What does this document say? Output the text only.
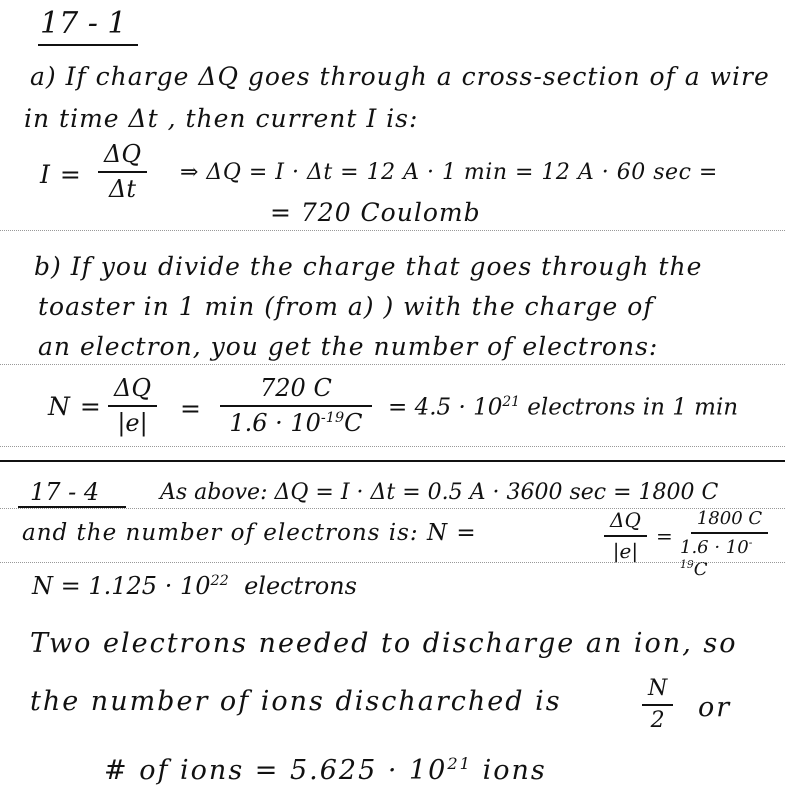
17 - 1
a) If charge ΔQ goes through a cross-section of a wire
in time Δt , then current I is:
$I = \frac{\Delta Q}{\Delta t}$ ⇒ ΔQ = I · Δt = 12 A · 1 min = 12 A · 60 sec =
= 720 Coulomb
b) If you divide the charge that goes through the
toaster in 1 min (from a) ) with the charge of
an electron, you get the number of electrons:
$N = \frac{\Delta Q}{|e|} = \frac{720 C}{1.6 \cdot 10^{-19}C} = 4.5 \cdot 10^{21}$ electrons in 1 min
17 - 4	As above: ΔQ = I · Δt = 0.5 A · 3600 sec = 1800 C
and the number of electrons is: N =	$\frac{\Delta Q}{|e|} = \frac{1800 C}{1.6 \cdot 10^{-19}C}$
$N = 1.125 \cdot 10^{22}$ electrons
Two electrons needed to discharge an ion, so
the number of ions discharched is	$\frac{N}{2}$ or
# of ions = $5.625 \cdot 10^{21}$ ions
